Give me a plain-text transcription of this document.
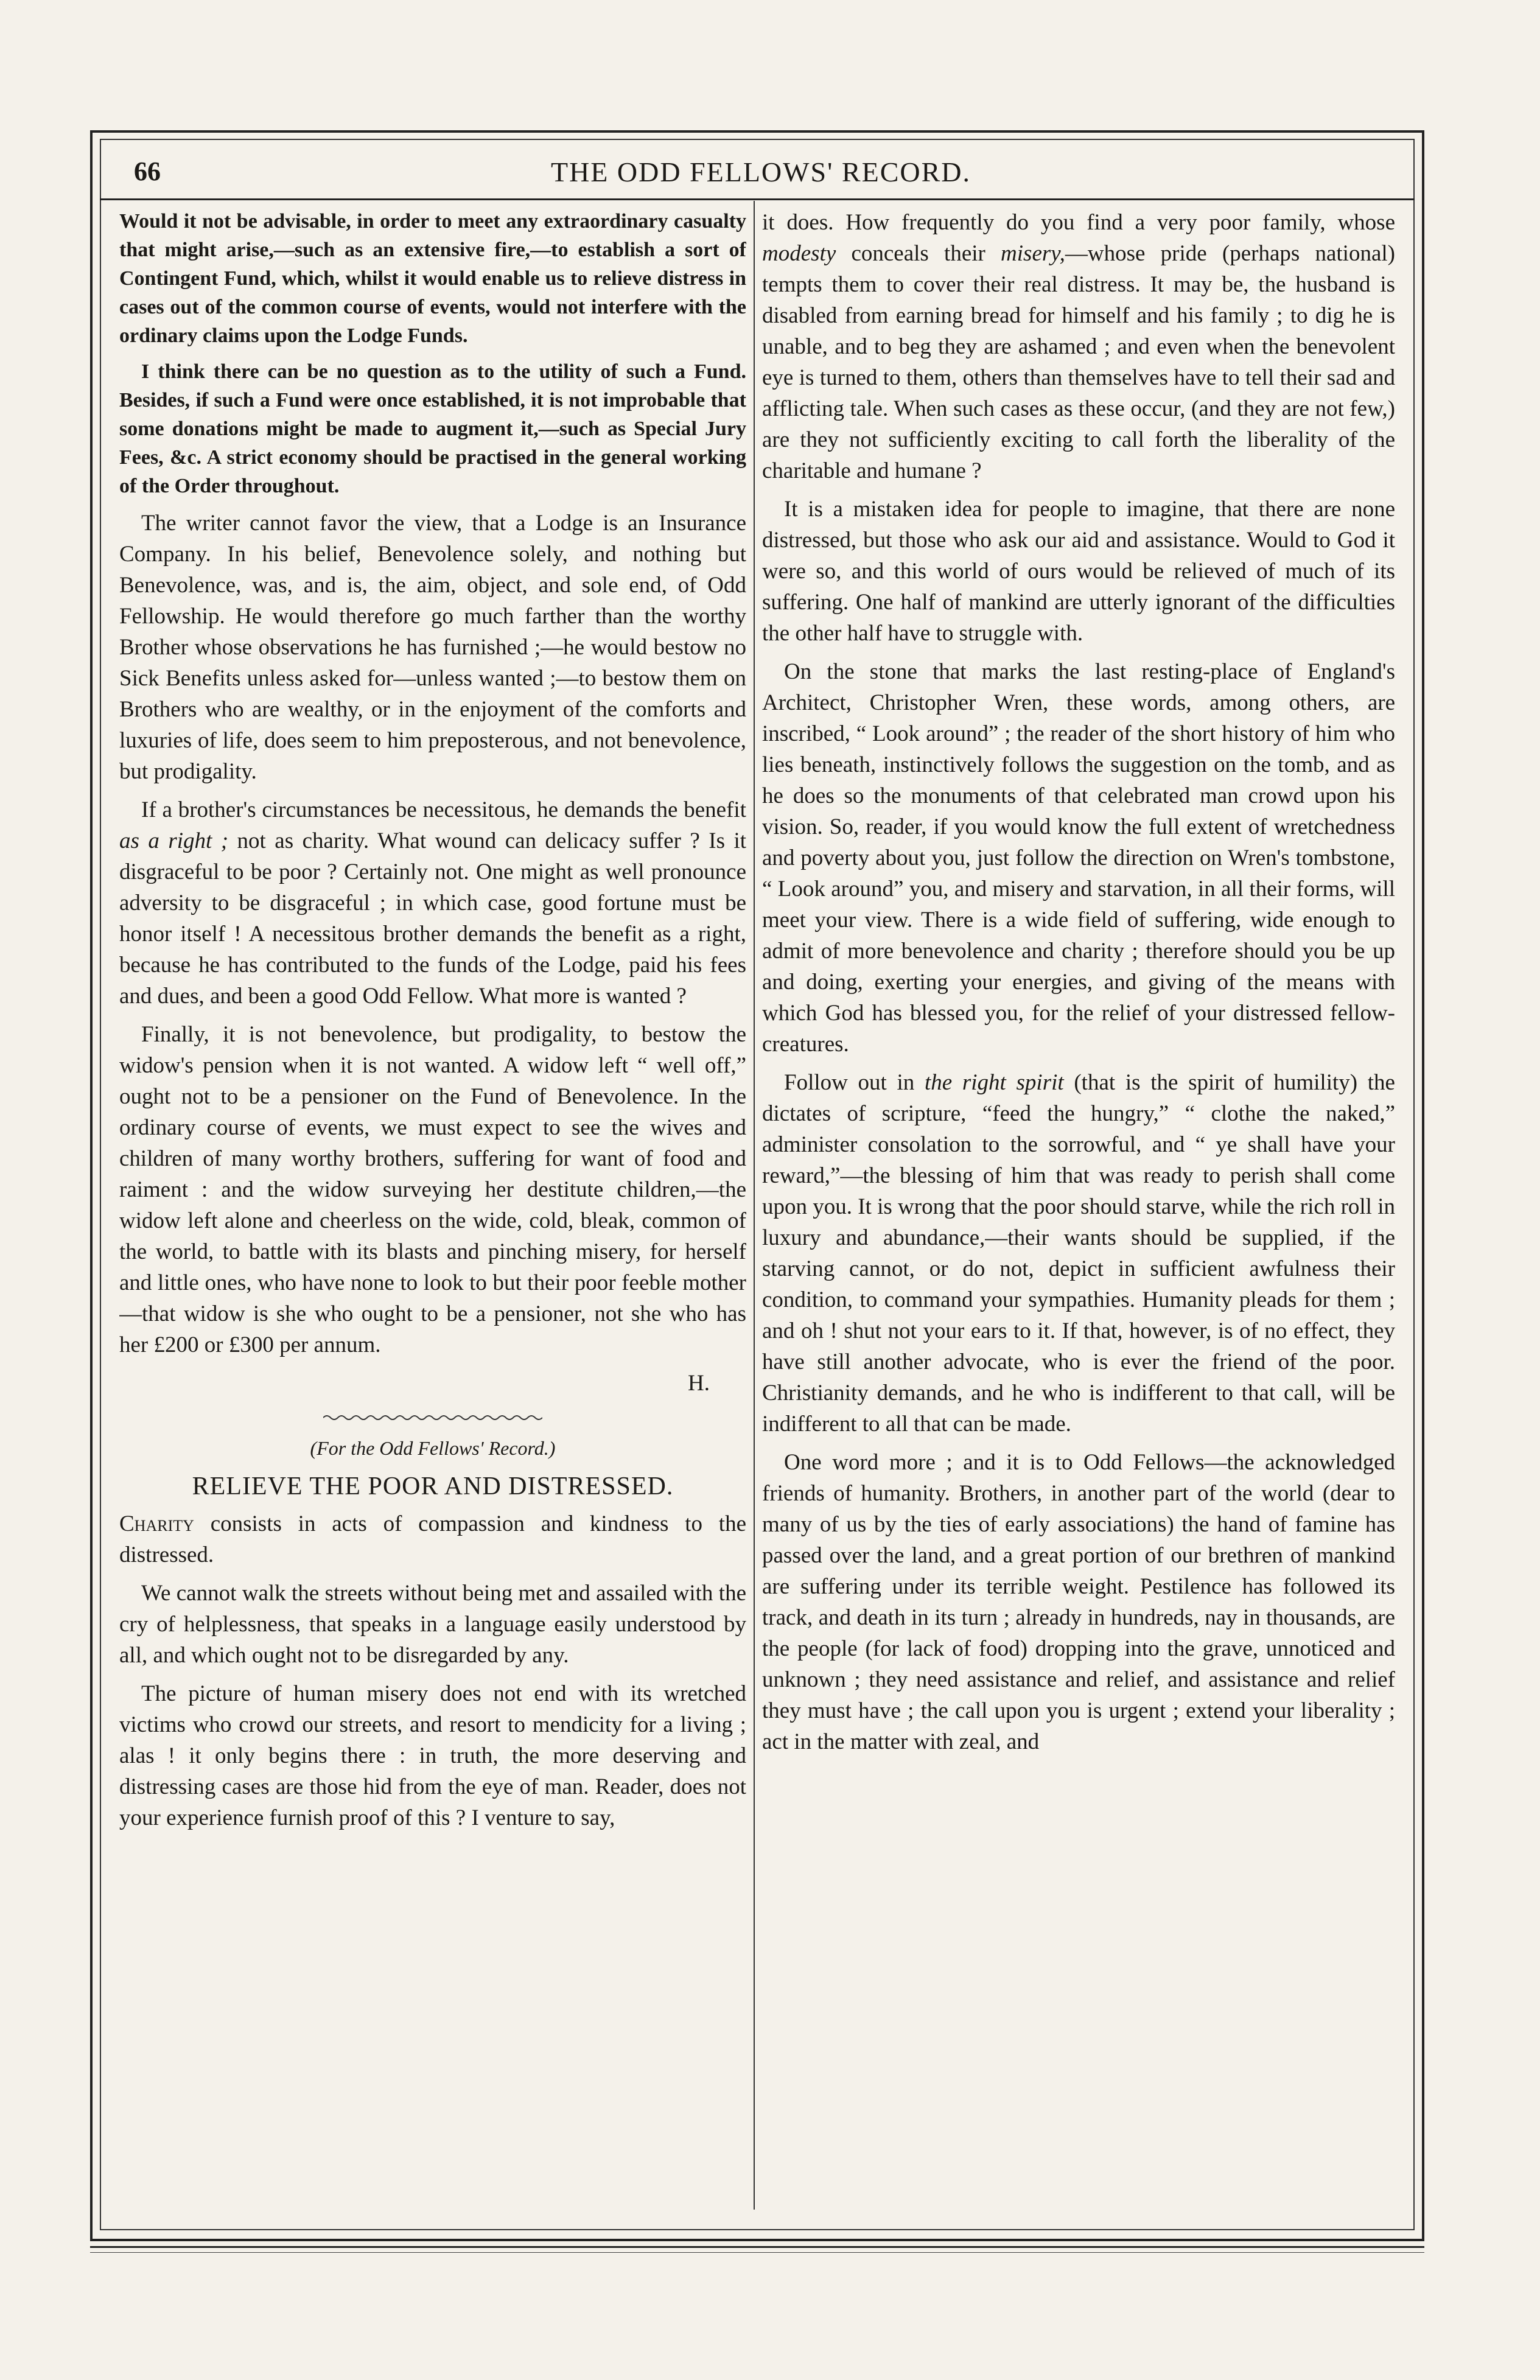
66	THE ODD FELLOWS' RECORD.

Would it not be advisable, in order to meet any extraordinary casualty that might arise,—such as an extensive fire,—to establish a sort of Contingent Fund, which, whilst it would enable us to relieve distress in cases out of the common course of events, would not interfere with the ordinary claims upon the Lodge Funds.

I think there can be no question as to the utility of such a Fund. Besides, if such a Fund were once established, it is not improbable that some donations might be made to augment it,—such as Special Jury Fees, &c. A strict economy should be practised in the general working of the Order throughout.

The writer cannot favor the view, that a Lodge is an Insurance Company. In his belief, Benevolence solely, and nothing but Benevolence, was, and is, the aim, object, and sole end, of Odd Fellowship. He would therefore go much farther than the worthy Brother whose observations he has furnished ;—he would bestow no Sick Benefits unless asked for—unless wanted ;—to bestow them on Brothers who are wealthy, or in the enjoyment of the comforts and luxuries of life, does seem to him preposterous, and not benevolence, but prodigality.

If a brother's circumstances be necessitous, he demands the benefit as a right ; not as charity. What wound can delicacy suffer ? Is it disgraceful to be poor ? Certainly not. One might as well pronounce adversity to be disgraceful ; in which case, good fortune must be honor itself ! A necessitous brother demands the benefit as a right, because he has contributed to the funds of the Lodge, paid his fees and dues, and been a good Odd Fellow. What more is wanted ?

Finally, it is not benevolence, but prodigality, to bestow the widow's pension when it is not wanted. A widow left “ well off,” ought not to be a pensioner on the Fund of Benevolence. In the ordinary course of events, we must expect to see the wives and children of many worthy brothers, suffering for want of food and raiment : and the widow surveying her destitute children,—the widow left alone and cheerless on the wide, cold, bleak, common of the world, to battle with its blasts and pinching misery, for herself and little ones, who have none to look to but their poor feeble mother—that widow is she who ought to be a pensioner, not she who has her £200 or £300 per annum.

H.
(For the Odd Fellows' Record.)
RELIEVE THE POOR AND DISTRESSED.

Charity consists in acts of compassion and kindness to the distressed.

We cannot walk the streets without being met and assailed with the cry of helplessness, that speaks in a language easily understood by all, and which ought not to be disregarded by any.

The picture of human misery does not end with its wretched victims who crowd our streets, and resort to mendicity for a living ; alas ! it only begins there : in truth, the more deserving and distressing cases are those hid from the eye of man. Reader, does not your experience furnish proof of this ? I venture to say,

it does. How frequently do you find a very poor family, whose modesty conceals their misery,—whose pride (perhaps national) tempts them to cover their real distress. It may be, the husband is disabled from earning bread for himself and his family ; to dig he is unable, and to beg they are ashamed ; and even when the benevolent eye is turned to them, others than themselves have to tell their sad and afflicting tale. When such cases as these occur, (and they are not few,) are they not sufficiently exciting to call forth the liberality of the charitable and humane ?

It is a mistaken idea for people to imagine, that there are none distressed, but those who ask our aid and assistance. Would to God it were so, and this world of ours would be relieved of much of its suffering. One half of mankind are utterly ignorant of the difficulties the other half have to struggle with.

On the stone that marks the last resting-place of England's Architect, Christopher Wren, these words, among others, are inscribed, “ Look around” ; the reader of the short history of him who lies beneath, instinctively follows the suggestion on the tomb, and as he does so the monuments of that celebrated man crowd upon his vision. So, reader, if you would know the full extent of wretchedness and poverty about you, just follow the direction on Wren's tombstone, “ Look around” you, and misery and starvation, in all their forms, will meet your view. There is a wide field of suffering, wide enough to admit of more benevolence and charity ; therefore should you be up and doing, exerting your energies, and giving of the means with which God has blessed you, for the relief of your distressed fellow-creatures.

Follow out in the right spirit (that is the spirit of humility) the dictates of scripture, “feed the hungry,” “ clothe the naked,” administer consolation to the sorrowful, and “ ye shall have your reward,”—the blessing of him that was ready to perish shall come upon you. It is wrong that the poor should starve, while the rich roll in luxury and abundance,—their wants should be supplied, if the starving cannot, or do not, depict in sufficient awfulness their condition, to command your sympathies. Humanity pleads for them ; and oh ! shut not your ears to it. If that, however, is of no effect, they have still another advocate, who is ever the friend of the poor. Christianity demands, and he who is indifferent to that call, will be indifferent to all that can be made.

One word more ; and it is to Odd Fellows—the acknowledged friends of humanity. Brothers, in another part of the world (dear to many of us by the ties of early associations) the hand of famine has passed over the land, and a great portion of our brethren of mankind are suffering under its terrible weight. Pestilence has followed its track, and death in its turn ; already in hundreds, nay in thousands, are the people (for lack of food) dropping into the grave, unnoticed and unknown ; they need assistance and relief, and assistance and relief they must have ; the call upon you is urgent ; extend your liberality ; act in the matter with zeal, and
